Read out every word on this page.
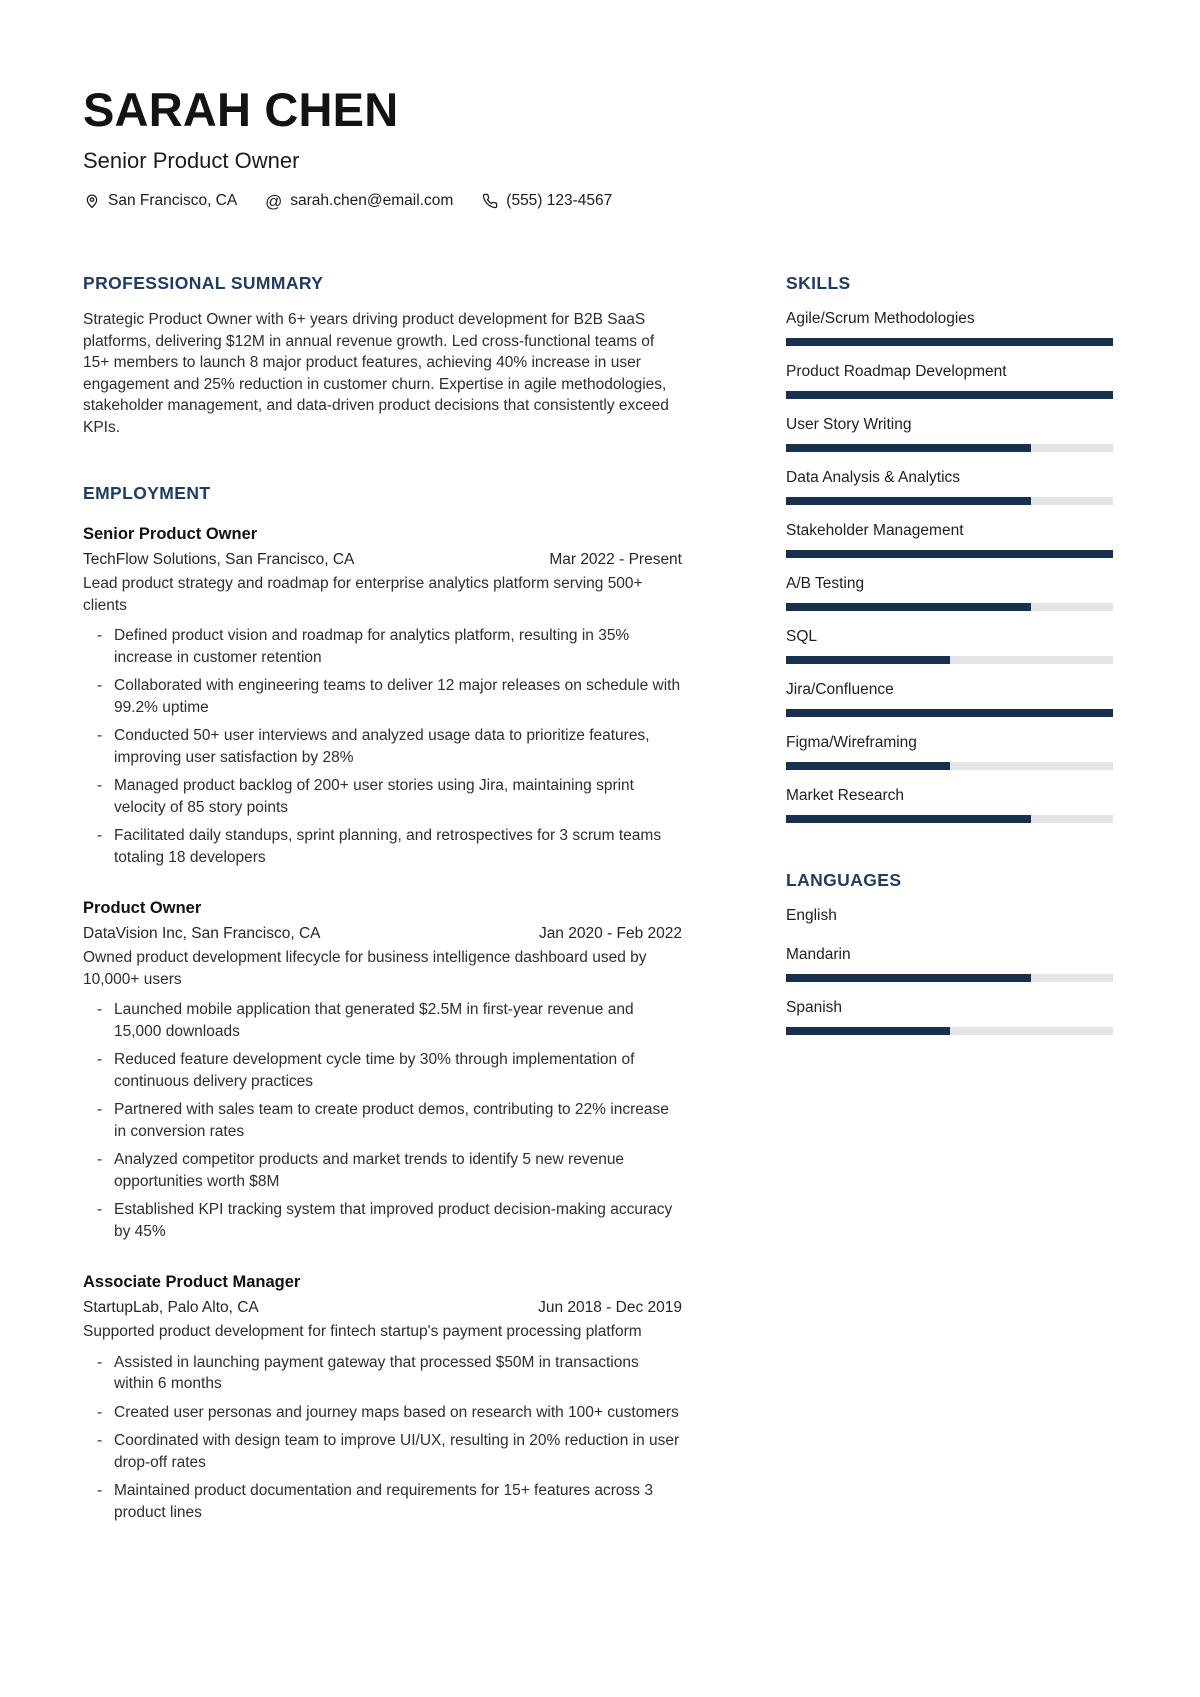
SARAH CHEN
Senior Product Owner
San Francisco, CA @ sarah.chen@email.com	(555) 123-4567
PROFESSIONAL SUMMARY

Strategic Product Owner with 6+ years driving product development for B2B SaaS platforms, delivering $12M in annual revenue growth. Led cross-functional teams of 15+ members to launch 8 major product features, achieving 40% increase in user engagement and 25% reduction in customer churn. Expertise in agile methodologies, stakeholder management, and data-driven product decisions that consistently exceed KPIs.

EMPLOYMENT
Senior Product Owner
TechFlow Solutions, San Francisco, CA	Mar 2022 - Present

Lead product strategy and roadmap for enterprise analytics platform serving 500+ clients

- Defined product vision and roadmap for analytics platform, resulting in 35% increase in customer retention
- Collaborated with engineering teams to deliver 12 major releases on schedule with 99.2% uptime
- Conducted 50+ user interviews and analyzed usage data to prioritize features, improving user satisfaction by 28%
- Managed product backlog of 200+ user stories using Jira, maintaining sprint velocity of 85 story points
- Facilitated daily standups, sprint planning, and retrospectives for 3 scrum teams totaling 18 developers
Product Owner
DataVision Inc, San Francisco, CA	Jan 2020 - Feb 2022

Owned product development lifecycle for business intelligence dashboard used by 10,000+ users

- Launched mobile application that generated $2.5M in first-year revenue and 15,000 downloads
- Reduced feature development cycle time by 30% through implementation of continuous delivery practices
- Partnered with sales team to create product demos, contributing to 22% increase in conversion rates
- Analyzed competitor products and market trends to identify 5 new revenue opportunities worth $8M
- Established KPI tracking system that improved product decision-making accuracy by 45%
Associate Product Manager
StartupLab, Palo Alto, CA	Jun 2018 - Dec 2019

Supported product development for fintech startup's payment processing platform

- Assisted in launching payment gateway that processed $50M in transactions within 6 months
- Created user personas and journey maps based on research with 100+ customers
- Coordinated with design team to improve UI/UX, resulting in 20% reduction in user drop-off rates
- Maintained product documentation and requirements for 15+ features across 3 product lines
SKILLS
Agile/Scrum Methodologies
Product Roadmap Development
User Story Writing
Data Analysis & Analytics
Stakeholder Management
A/B Testing
SQL
Jira/Confluence
Figma/Wireframing
Market Research
LANGUAGES
English
Mandarin
Spanish
